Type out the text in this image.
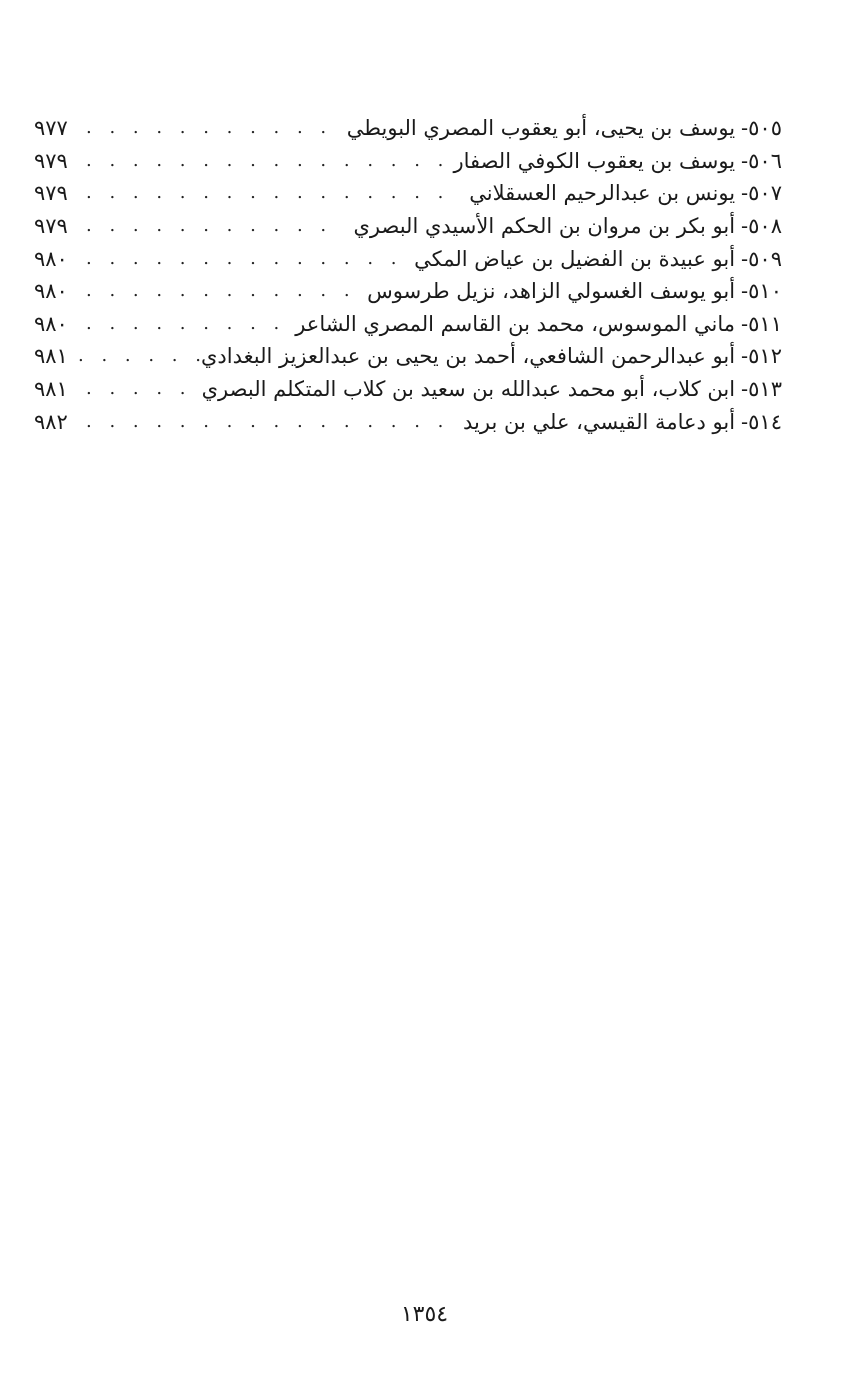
٥٠٥
-
يوسف بن يحيى، أبو يعقوب المصري البويطي
. . .
٩٧٧
٥٠٦
-
يوسف بن يعقوب الكوفي الصفار
. . .
٩٧٩
٥٠٧
-
يونس بن عبدالرحيم العسقلاني
. . .
٩٧٩
٥٠٨
-
أبو بكر بن مروان بن الحكم الأسيدي البصري
. . .
٩٧٩
٥٠٩
-
أبو عبيدة بن الفضيل بن عياض المكي
. . .
٩٨٠
٥١٠
-
أبو يوسف الغسولي الزاهد، نزيل طرسوس
. . .
٩٨٠
٥١١
-
ماني الموسوس، محمد بن القاسم المصري الشاعر
. . .
٩٨٠
٥١٢
-
أبو عبدالرحمن الشافعي، أحمد بن يحيى بن عبدالعزيز البغدادي
. . .
٩٨١
٥١٣
-
ابن كلاب، أبو محمد عبدالله بن سعيد بن كلاب المتكلم البصري
. . .
٩٨١
٥١٤
-
أبو دعامة القيسي، علي بن بريد
. . .
٩٨٢
١٣٥٤
